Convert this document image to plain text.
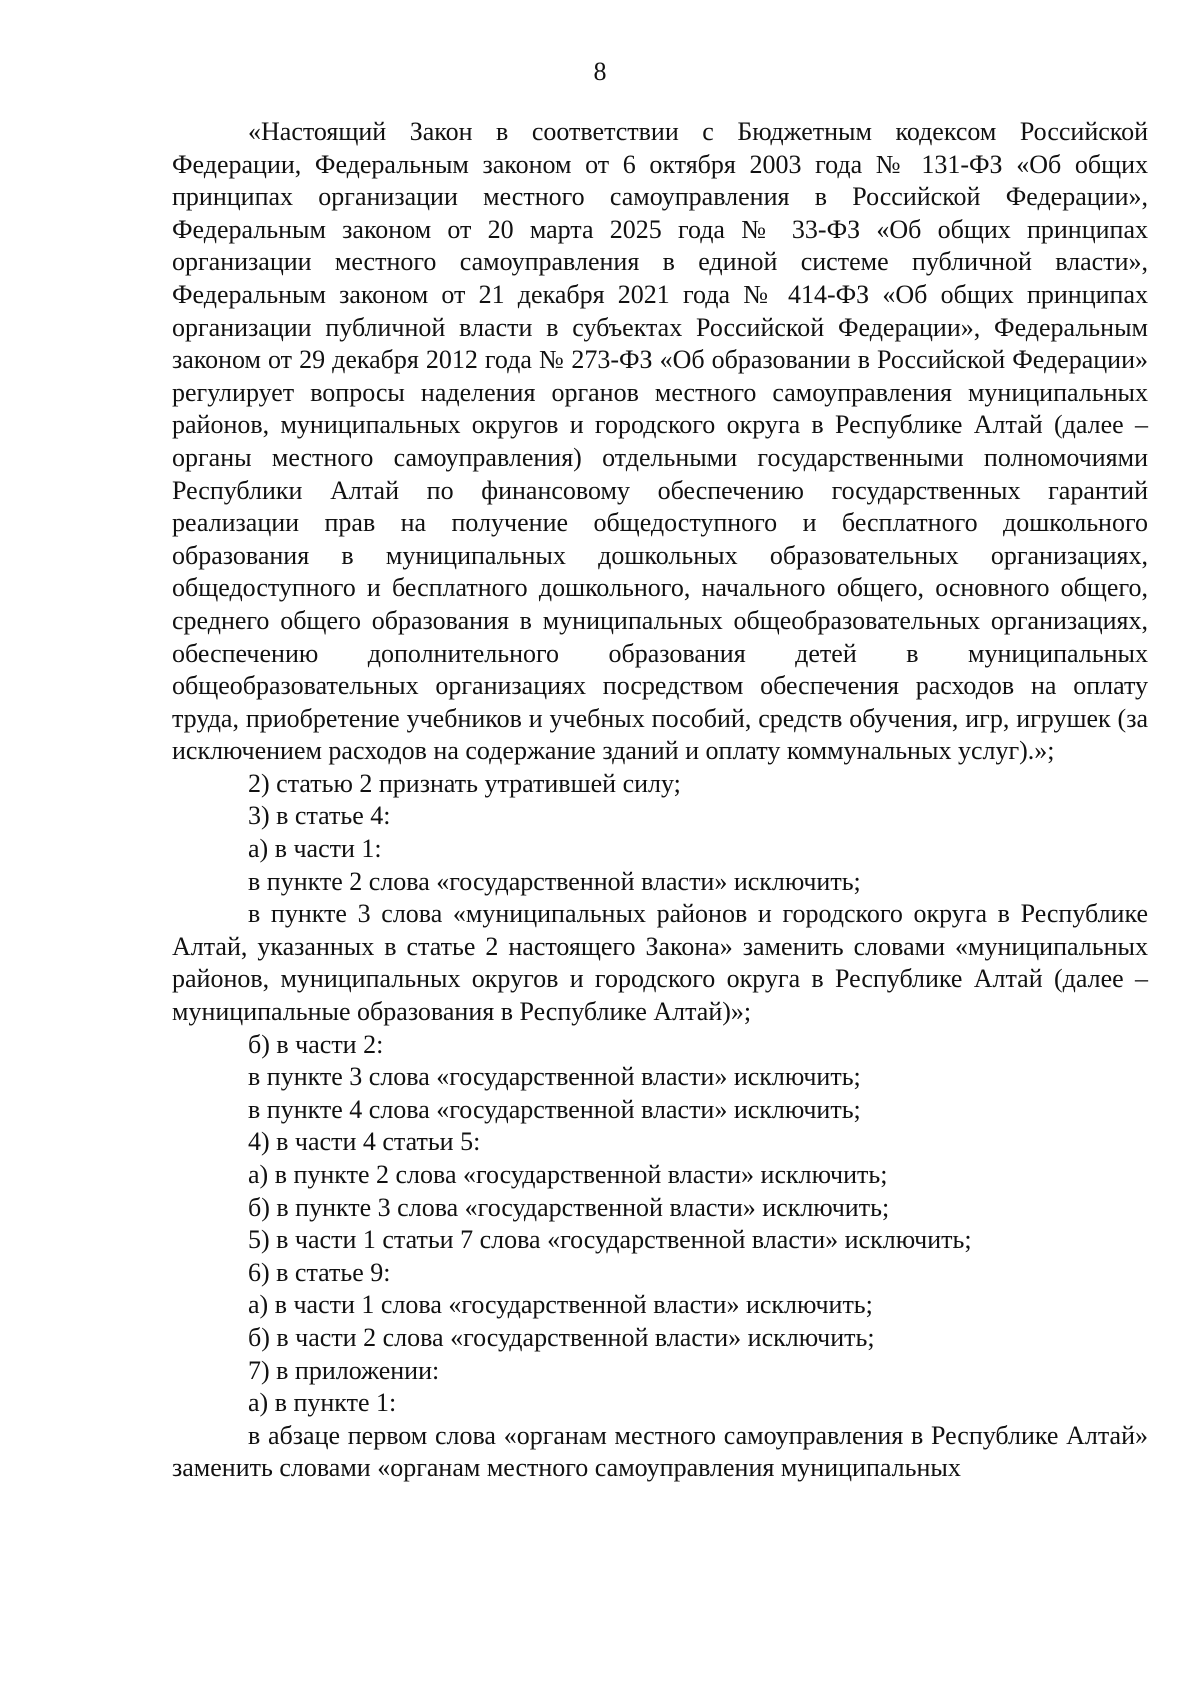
8

«Настоящий Закон в соответствии с Бюджетным кодексом Российской Федерации, Федеральным законом от 6 октября 2003 года № 131-ФЗ «Об общих принципах организации местного самоуправления в Российской Федерации», Федеральным законом от 20 марта 2025 года № 33-ФЗ «Об общих принципах организации местного самоуправления в единой системе публичной власти», Федеральным законом от 21 декабря 2021 года № 414-ФЗ «Об общих принципах организации публичной власти в субъектах Российской Федерации», Федеральным законом от 29 декабря 2012 года № 273-ФЗ «Об образовании в Российской Федерации» регулирует вопросы наделения органов местного самоуправления муниципальных районов, муниципальных округов и городского округа в Республике Алтай (далее – органы местного самоуправления) отдельными государственными полномочиями Республики Алтай по финансовому обеспечению государственных гарантий реализации прав на получение общедоступного и бесплатного дошкольного образования в муниципальных дошкольных образовательных организациях, общедоступного и бесплатного дошкольного, начального общего, основного общего, среднего общего образования в муниципальных общеобразовательных организациях, обеспечению дополнительного образования детей в муниципальных общеобразовательных организациях посредством обеспечения расходов на оплату труда, приобретение учебников и учебных пособий, средств обучения, игр, игрушек (за исключением расходов на содержание зданий и оплату коммунальных услуг).»;

2) статью 2 признать утратившей силу;

3) в статье 4:

а) в части 1:

в пункте 2 слова «государственной власти» исключить;

в пункте 3 слова «муниципальных районов и городского округа в Республике Алтай, указанных в статье 2 настоящего Закона» заменить словами «муниципальных районов, муниципальных округов и городского округа в Республике Алтай (далее – муниципальные образования в Республике Алтай)»;

б) в части 2:

в пункте 3 слова «государственной власти» исключить;

в пункте 4 слова «государственной власти» исключить;

4) в части 4 статьи 5:

а) в пункте 2 слова «государственной власти» исключить;

б) в пункте 3 слова «государственной власти» исключить;

5) в части 1 статьи 7 слова «государственной власти» исключить;

6) в статье 9:

а) в части 1 слова «государственной власти» исключить;

б) в части 2 слова «государственной власти» исключить;

7) в приложении:

а) в пункте 1:

в абзаце первом слова «органам местного самоуправления в Республике Алтай» заменить словами «органам местного самоуправления муниципальных
